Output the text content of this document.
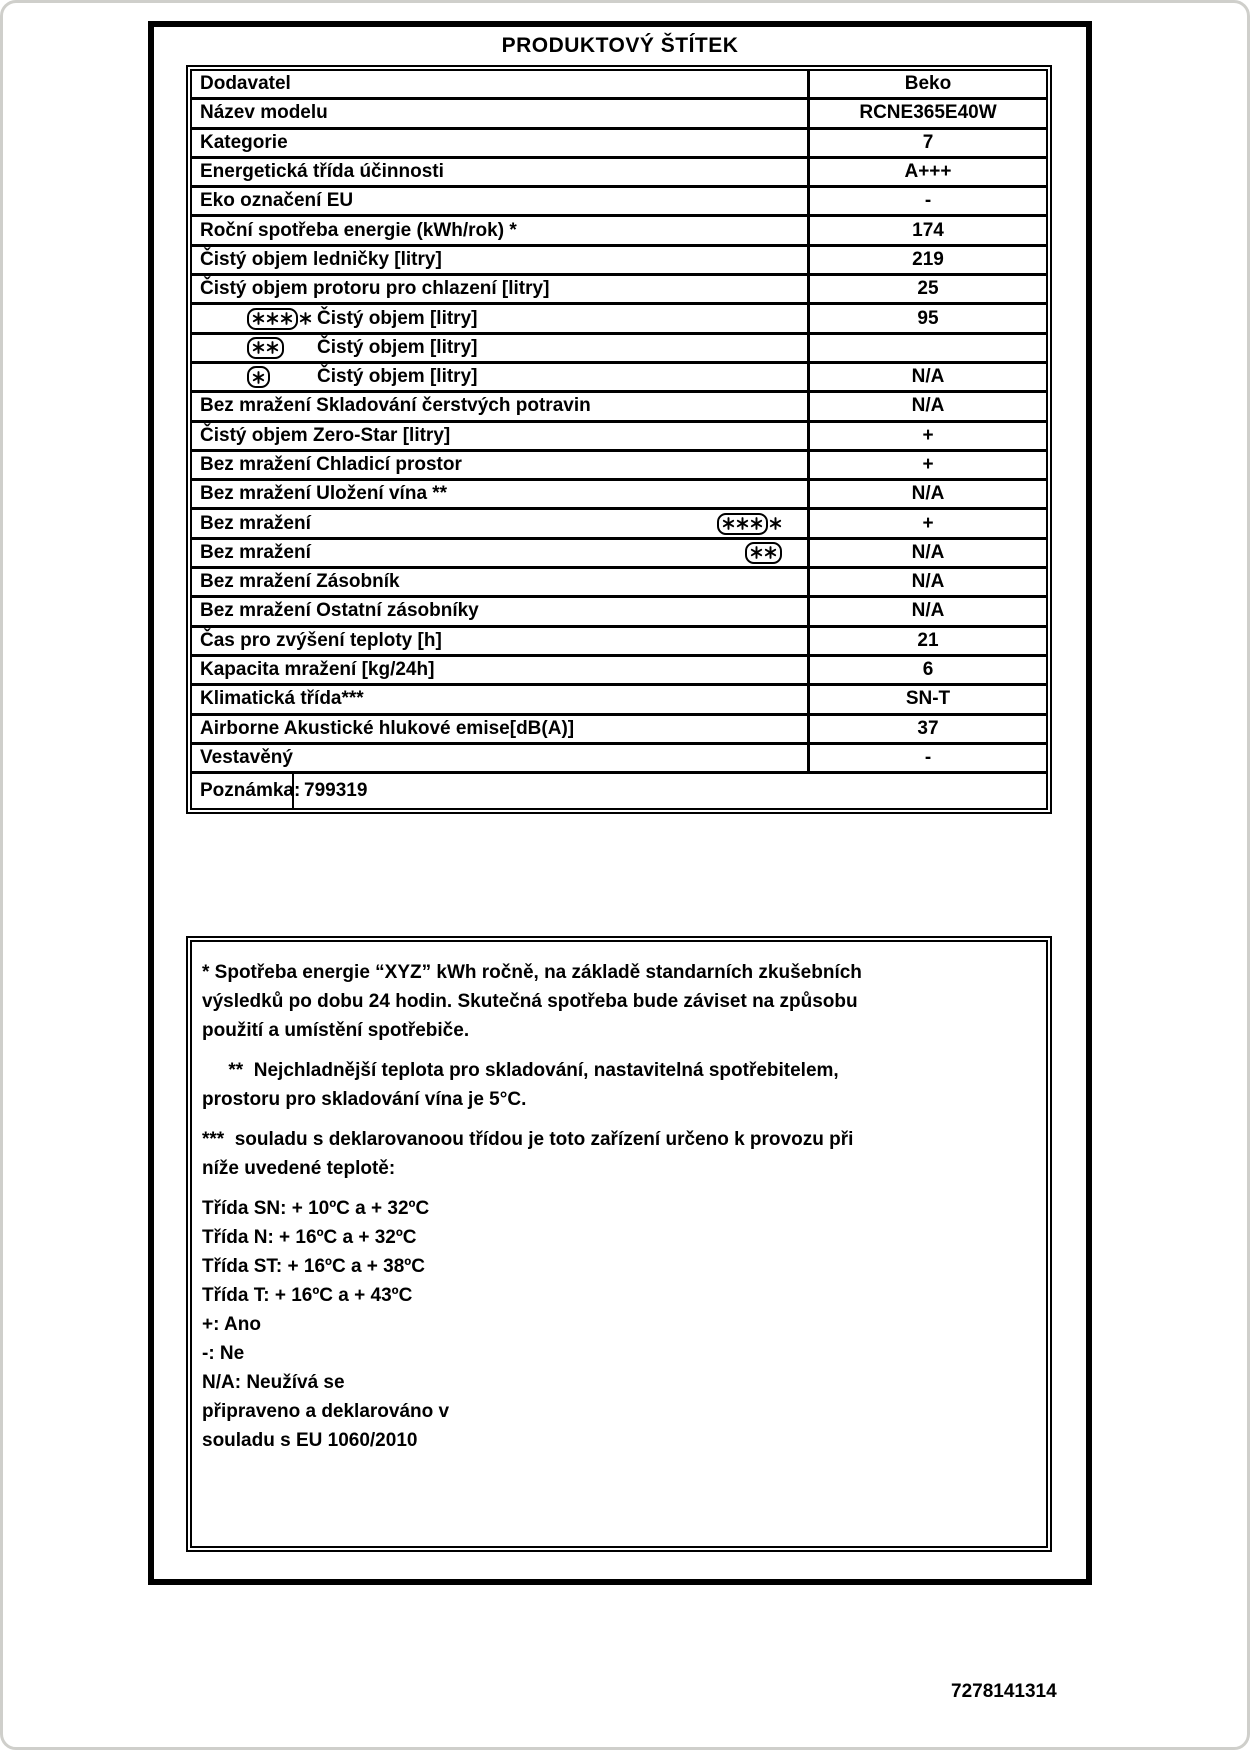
PRODUKTOVÝ ŠTÍTEK
Dodavatel	Beko
Název modelu	RCNE365E40W
Kategorie	7
Energetická třída účinnosti	A+++
Eko označení EU	-
Roční spotřeba energie (kWh/rok) *	174
Čistý objem ledničky [litry]	219
Čistý objem protoru pro chlazení [litry]	25
Čistý objem [litry]	95
Čistý objem [litry]
Čistý objem [litry]	N/A
Bez mražení Skladování čerstvých potravin	N/A
Čistý objem Zero-Star [litry]	+
Bez mražení Chladicí prostor	+
Bez mražení Uložení vína **	N/A
Bez mražení	+
Bez mražení	N/A
Bez mražení Zásobník	N/A
Bez mražení Ostatní zásobníky	N/A
Čas pro zvýšení teploty [h]	21
Kapacita mražení [kg/24h]	6
Klimatická třída***	SN-T
Airborne Akustické hlukové emise[dB(A)]	37
Vestavěný	-
Poznámka: 799319
* Spotřeba energie “XYZ” kWh ročně, na základě standarních zkušebních
výsledků po dobu 24 hodin. Skutečná spotřeba bude záviset na způsobu
použití a umístění spotřebiče.
**  Nejchladnější teplota pro skladování, nastavitelná spotřebitelem,
prostoru pro skladování vína je 5°C.
***  souladu s deklarovanoou třídou je toto zařízení určeno k provozu při
níže uvedené teplotě:
Třída SN: + 10ºC a + 32ºC
Třída N: + 16ºC a + 32ºC
Třída ST: + 16ºC a + 38ºC
Třída T: + 16ºC a + 43ºC
+: Ano
-: Ne
N/A: Neužívá se
připraveno a deklarováno v
souladu s EU 1060/2010
7278141314
